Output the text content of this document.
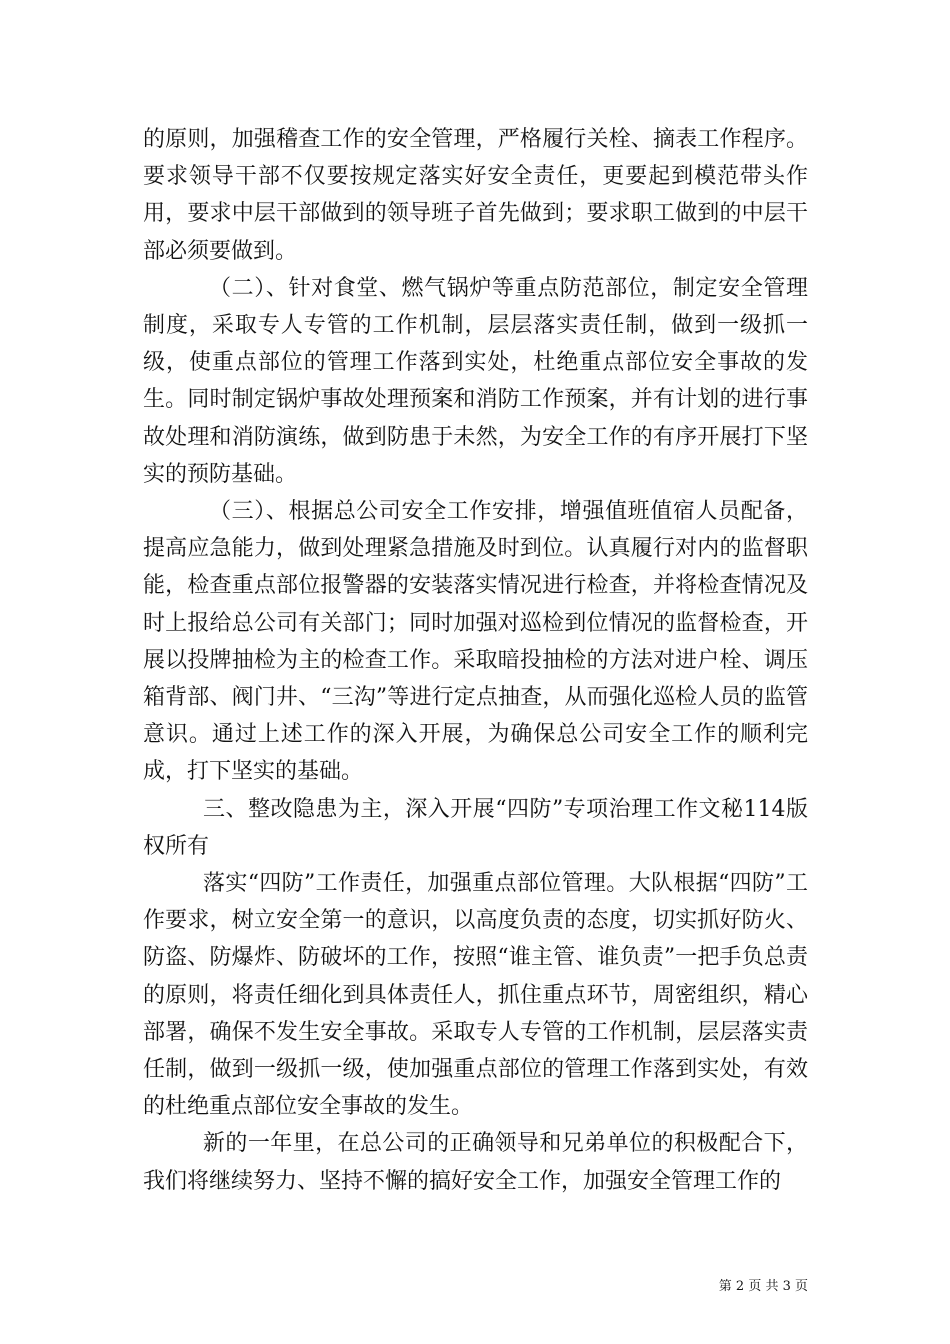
的原则，加强稽查工作的安全管理，严格履行关栓、摘表工作程序。要求领导干部不仅要按规定落实好安全责任，更要起到模范带头作用，要求中层干部做到的领导班子首先做到；要求职工做到的中层干部必须要做到。

（二）、针对食堂、燃气锅炉等重点防范部位，制定安全管理制度，采取专人专管的工作机制，层层落实责任制，做到一级抓一级，使重点部位的管理工作落到实处，杜绝重点部位安全事故的发生。同时制定锅炉事故处理预案和消防工作预案，并有计划的进行事故处理和消防演练，做到防患于未然，为安全工作的有序开展打下坚实的预防基础。

（三）、根据总公司安全工作安排，增强值班值宿人员配备，提高应急能力，做到处理紧急措施及时到位。认真履行对内的监督职能，检查重点部位报警器的安装落实情况进行检查，并将检查情况及时上报给总公司有关部门；同时加强对巡检到位情况的监督检查，开展以投牌抽检为主的检查工作。采取暗投抽检的方法对进户栓、调压箱背部、阀门井、“三沟”等进行定点抽查，从而强化巡检人员的监管意识。通过上述工作的深入开展，为确保总公司安全工作的顺利完成，打下坚实的基础。

三、整改隐患为主，深入开展“四防”专项治理工作文秘114版权所有

落实“四防”工作责任，加强重点部位管理。大队根据“四防”工作要求，树立安全第一的意识，以高度负责的态度，切实抓好防火、防盗、防爆炸、防破坏的工作，按照“谁主管、谁负责”一把手负总责的原则，将责任细化到具体责任人，抓住重点环节，周密组织，精心部署，确保不发生安全事故。采取专人专管的工作机制，层层落实责任制，做到一级抓一级，使加强重点部位的管理工作落到实处，有效的杜绝重点部位安全事故的发生。

新的一年里，在总公司的正确领导和兄弟单位的积极配合下，我们将继续努力、坚持不懈的搞好安全工作，加强安全管理工作的

第 2 页 共 3 页
